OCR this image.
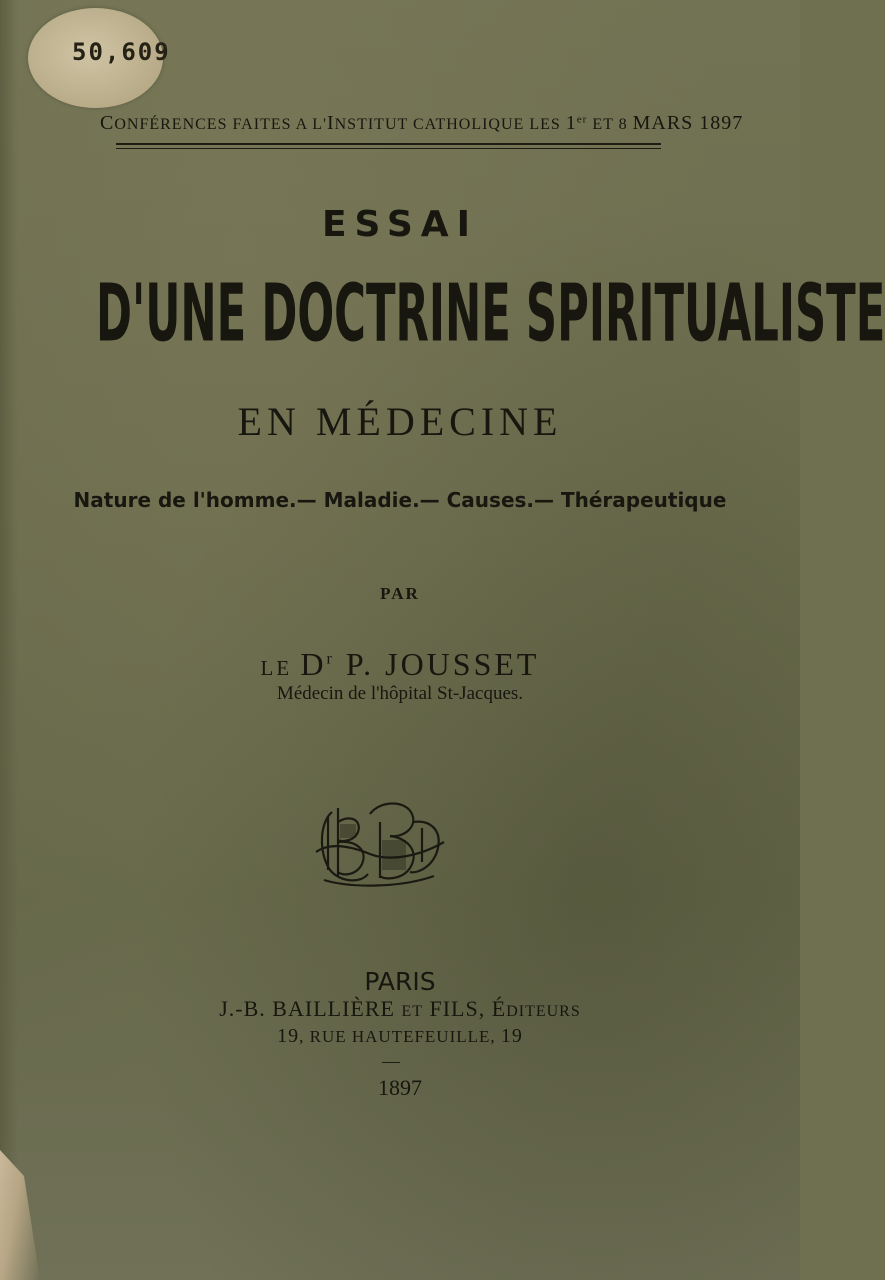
50,609
CONFÉRENCES FAITES A L'INSTITUT CATHOLIQUE LES 1er ET 8 MARS 1897
ESSAI
D'UNE DOCTRINE SPIRITUALISTE
EN MÉDECINE
Nature de l'homme.— Maladie.— Causes.— Thérapeutique
PAR
LE $D^r$ P. JOUSSET
Médecin de l'hôpital St-Jacques.
PARIS
J.-B. BAILLIÈRE ET FILS, ÉDITEURS
19, RUE HAUTEFEUILLE, 19
1897
